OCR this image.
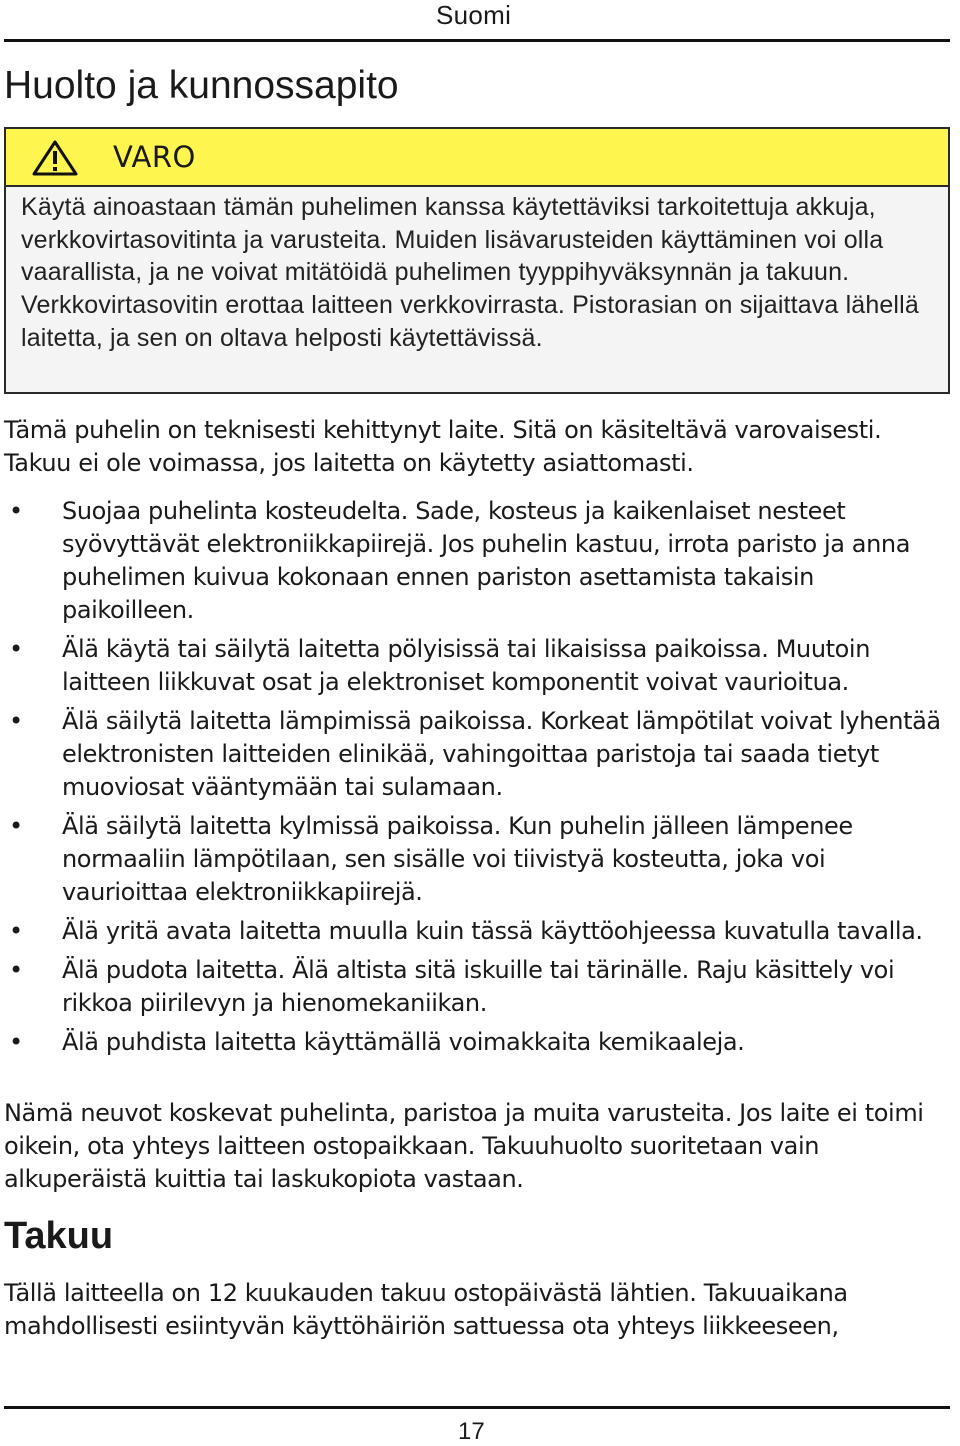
Suomi
Huolto ja kunnossapito
VARO
Käytä ainoastaan tämän puhelimen kanssa käytettäviksi tarkoitettuja akkuja, verkkovirtasovitinta ja varusteita. Muiden lisävarusteiden käyttäminen voi olla vaarallista, ja ne voivat mitätöidä puhelimen tyyppihyväksynnän ja takuun. Verkkovirtasovitin erottaa laitteen verkkovirrasta. Pistorasian on sijaittava lähellä laitetta, ja sen on oltava helposti käytettävissä.
Tämä puhelin on teknisesti kehittynyt laite. Sitä on käsiteltävä varovaisesti. Takuu ei ole voimassa, jos laitetta on käytetty asiattomasti.
• Suojaa puhelinta kosteudelta. Sade, kosteus ja kaikenlaiset nesteet syövyttävät elektroniikkapiirejä. Jos puhelin kastuu, irrota paristo ja anna puhelimen kuivua kokonaan ennen pariston asettamista takaisin paikoilleen.
• Älä käytä tai säilytä laitetta pölyisissä tai likaisissa paikoissa. Muutoin laitteen liikkuvat osat ja elektroniset komponentit voivat vaurioitua.
• Älä säilytä laitetta lämpimissä paikoissa. Korkeat lämpötilat voivat lyhentää elektronisten laitteiden elinikää, vahingoittaa paristoja tai saada tietyt muoviosat vääntymään tai sulamaan.
• Älä säilytä laitetta kylmissä paikoissa. Kun puhelin jälleen lämpenee normaaliin lämpötilaan, sen sisälle voi tiivistyä kosteutta, joka voi vaurioittaa elektroniikkapiirejä.
• Älä yritä avata laitetta muulla kuin tässä käyttöohjeessa kuvatulla tavalla.
• Älä pudota laitetta. Älä altista sitä iskuille tai tärinälle. Raju käsittely voi rikkoa piirilevyn ja hienomekaniikan.
• Älä puhdista laitetta käyttämällä voimakkaita kemikaaleja.
Nämä neuvot koskevat puhelinta, paristoa ja muita varusteita. Jos laite ei toimi oikein, ota yhteys laitteen ostopaikkaan. Takuuhuolto suoritetaan vain alkuperäistä kuittia tai laskukopiota vastaan.
Takuu
Tällä laitteella on 12 kuukauden takuu ostopäivästä lähtien. Takuuaikana mahdollisesti esiintyvän käyttöhäiriön sattuessa ota yhteys liikkeeseen,
17
